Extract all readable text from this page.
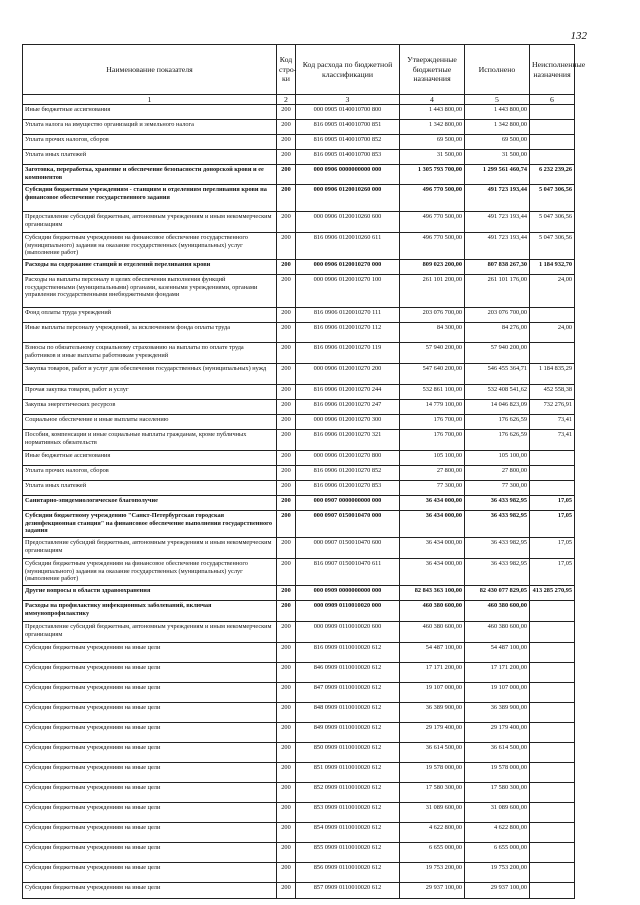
132
Наименование показателя	Код стро-ки	Код расхода по бюджетной классификации	Утвержденные бюджетные назначения	Исполнено	Неисполненные назначения
1	2	3	4	5	6
Иные бюджетные ассигнования	200	000 0905 0140010700 800	1 443 800,00	1 443 800,00	
Уплата налога на имущество организаций и земельного налога	200	816 0905 0140010700 851	1 342 800,00	1 342 800,00	
Уплата прочих налогов, сборов	200	816 0905 0140010700 852	69 500,00	69 500,00	
Уплата иных платежей	200	816 0905 0140010700 853	31 500,00	31 500,00	
Заготовка, переработка, хранение и обеспечение безопасности донорской крови и ее компонентов	200	000 0906 0000000000 000	1 305 793 700,00	1 299 561 460,74	6 232 239,26
Субсидии бюджетным учреждениям - станциям и отделениям переливания крови на финансовое обеспечение государственного задания	200	000 0906 0120010260 000	496 770 500,00	491 723 193,44	5 047 306,56
Предоставление субсидий бюджетным, автономным учреждениям и иным некоммерческим организациям	200	000 0906 0120010260 600	496 770 500,00	491 723 193,44	5 047 306,56
Субсидии бюджетным учреждениям на финансовое обеспечение государственного (муниципального) задания на оказание государственных (муниципальных) услуг (выполнение работ)	200	816 0906 0120010260 611	496 770 500,00	491 723 193,44	5 047 306,56
Расходы на содержание станций и отделений переливания крови	200	000 0906 0120010270 000	809 023 200,00	807 838 267,30	1 184 932,70
Расходы на выплаты персоналу в целях обеспечения выполнения функций государственными (муниципальными) органами, казенными учреждениями, органами управления государственными внебюджетными фондами	200	000 0906 0120010270 100	261 101 200,00	261 101 176,00	24,00
Фонд оплаты труда учреждений	200	816 0906 0120010270 111	203 076 700,00	203 076 700,00	
Иные выплаты персоналу учреждений, за исключением фонда оплаты труда	200	816 0906 0120010270 112	84 300,00	84 276,00	24,00
Взносы по обязательному социальному страхованию на выплаты по оплате труда работников и иные выплаты работникам учреждений	200	816 0906 0120010270 119	57 940 200,00	57 940 200,00	
Закупка товаров, работ и услуг для обеспечения государственных (муниципальных) нужд	200	000 0906 0120010270 200	547 640 200,00	546 455 364,71	1 184 835,29
Прочая закупка товаров, работ и услуг	200	816 0906 0120010270 244	532 861 100,00	532 408 541,62	452 558,38
Закупка энергетических ресурсов	200	816 0906 0120010270 247	14 779 100,00	14 046 823,09	732 276,91
Социальное обеспечение и иные выплаты населению	200	000 0906 0120010270 300	176 700,00	176 626,59	73,41
Пособия, компенсации и иные социальные выплаты гражданам, кроме публичных нормативных обязательств	200	816 0906 0120010270 321	176 700,00	176 626,59	73,41
Иные бюджетные ассигнования	200	000 0906 0120010270 800	105 100,00	105 100,00	
Уплата прочих налогов, сборов	200	816 0906 0120010270 852	27 800,00	27 800,00	
Уплата иных платежей	200	816 0906 0120010270 853	77 300,00	77 300,00	
Санитарно-эпидемиологическое благополучие	200	000 0907 0000000000 000	36 434 000,00	36 433 982,95	17,05
Субсидии бюджетному учреждению "Санкт-Петербургская городская дезинфекционная станция" на финансовое обеспечение выполнения государственного задания	200	000 0907 0150010470 000	36 434 000,00	36 433 982,95	17,05
Предоставление субсидий бюджетным, автономным учреждениям и иным некоммерческим организациям	200	000 0907 0150010470 600	36 434 000,00	36 433 982,95	17,05
Субсидии бюджетным учреждениям на финансовое обеспечение государственного (муниципального) задания на оказание государственных (муниципальных) услуг (выполнение работ)	200	816 0907 0150010470 611	36 434 000,00	36 433 982,95	17,05
Другие вопросы в области здравоохранения	200	000 0909 0000000000 000	82 843 363 100,00	82 430 077 829,05	413 285 270,95
Расходы на профилактику инфекционных заболеваний, включая иммунопрофилактику	200	000 0909 0110010020 000	460 380 600,00	460 380 600,00	
Предоставление субсидий бюджетным, автономным учреждениям и иным некоммерческим организациям	200	000 0909 0110010020 600	460 380 600,00	460 380 600,00	
Субсидии бюджетным учреждениям на иные цели	200	816 0909 0110010020 612	54 487 100,00	54 487 100,00	
Субсидии бюджетным учреждениям на иные цели	200	846 0909 0110010020 612	17 171 200,00	17 171 200,00	
Субсидии бюджетным учреждениям на иные цели	200	847 0909 0110010020 612	19 107 000,00	19 107 000,00	
Субсидии бюджетным учреждениям на иные цели	200	848 0909 0110010020 612	36 389 900,00	36 389 900,00	
Субсидии бюджетным учреждениям на иные цели	200	849 0909 0110010020 612	29 179 400,00	29 179 400,00	
Субсидии бюджетным учреждениям на иные цели	200	850 0909 0110010020 612	36 614 500,00	36 614 500,00	
Субсидии бюджетным учреждениям на иные цели	200	851 0909 0110010020 612	19 578 000,00	19 578 000,00	
Субсидии бюджетным учреждениям на иные цели	200	852 0909 0110010020 612	17 580 300,00	17 580 300,00	
Субсидии бюджетным учреждениям на иные цели	200	853 0909 0110010020 612	31 089 600,00	31 089 600,00	
Субсидии бюджетным учреждениям на иные цели	200	854 0909 0110010020 612	4 622 800,00	4 622 800,00	
Субсидии бюджетным учреждениям на иные цели	200	855 0909 0110010020 612	6 655 000,00	6 655 000,00	
Субсидии бюджетным учреждениям на иные цели	200	856 0909 0110010020 612	19 753 200,00	19 753 200,00	
Субсидии бюджетным учреждениям на иные цели	200	857 0909 0110010020 612	29 937 100,00	29 937 100,00	
